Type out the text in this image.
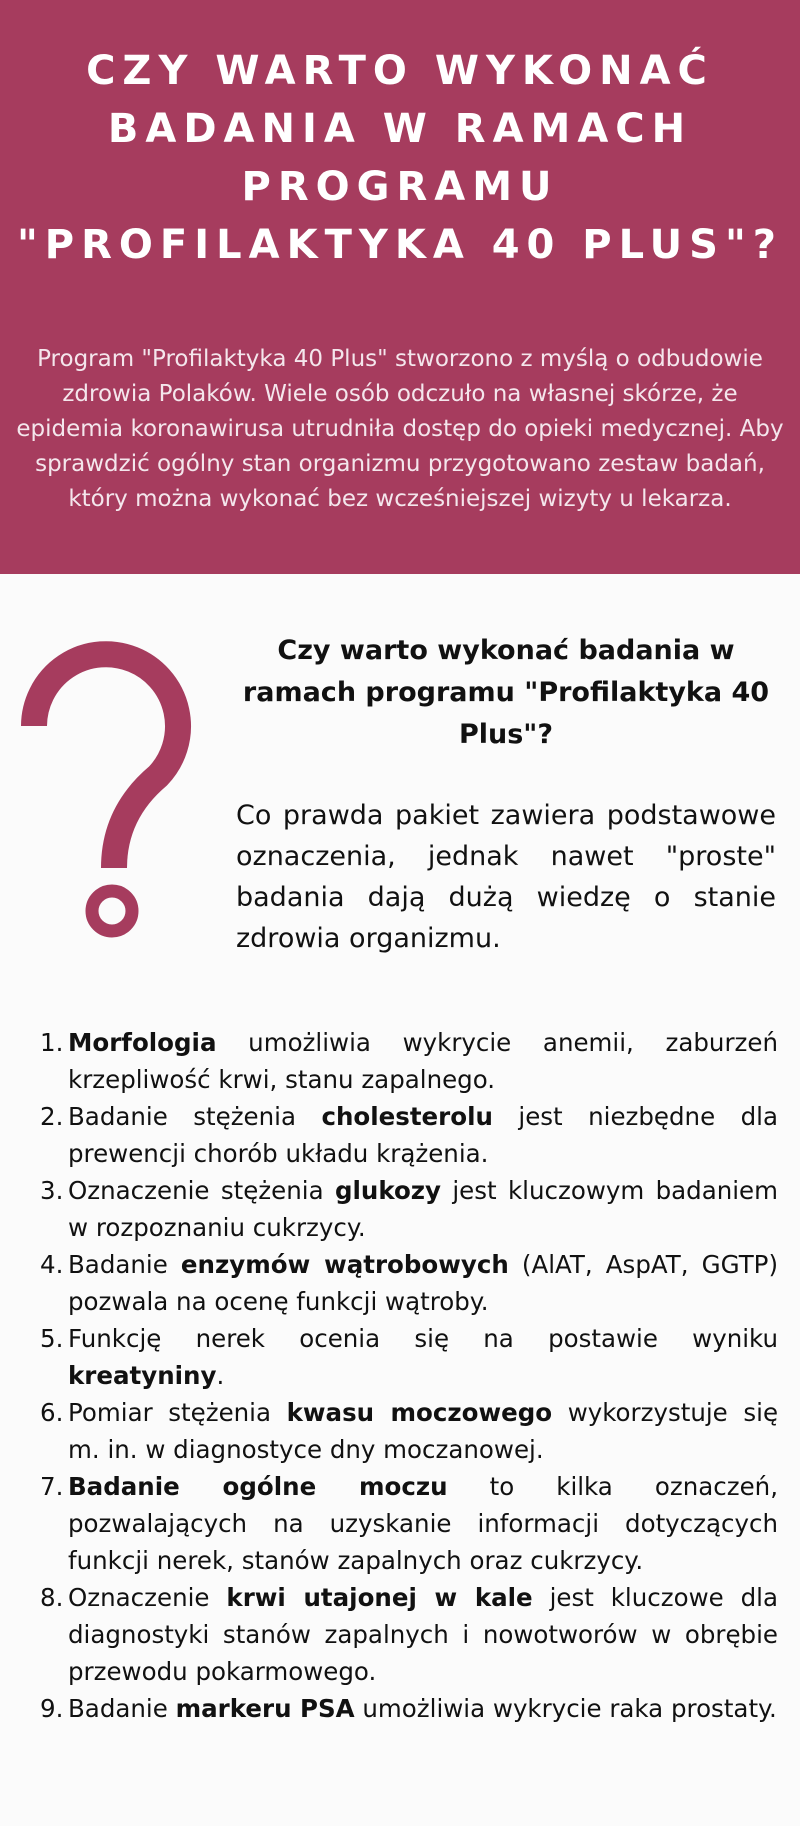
CZY WARTO WYKONAĆ
BADANIA W RAMACH
PROGRAMU
"PROFILAKTYKA 40 PLUS"?

Program "Profilaktyka 40 Plus" stworzono z myślą o odbudowie zdrowia Polaków. Wiele osób odczuło na własnej skórze, że epidemia koronawirusa utrudniła dostęp do opieki medycznej. Aby sprawdzić ogólny stan organizmu przygotowano zestaw badań, który można wykonać bez wcześniejszej wizyty u lekarza.

Czy warto wykonać badania w ramach programu "Profilaktyka 40 Plus"?

Co prawda pakiet zawiera podstawowe oznaczenia, jednak nawet "proste" badania dają dużą wiedzę o stanie zdrowia organizmu.

1. Morfologia umożliwia wykrycie anemii, zaburzeń krzepliwość krwi, stanu zapalnego.
2. Badanie stężenia cholesterolu jest niezbędne dla prewencji chorób układu krążenia.
3. Oznaczenie stężenia glukozy jest kluczowym badaniem w rozpoznaniu cukrzycy.
4. Badanie enzymów wątrobowych (AlAT, AspAT, GGTP) pozwala na ocenę funkcji wątroby.
5. Funkcję nerek ocenia się na postawie wyniku kreatyniny.
6. Pomiar stężenia kwasu moczowego wykorzystuje się m. in. w diagnostyce dny moczanowej.
7. Badanie ogólne moczu to kilka oznaczeń, pozwalających na uzyskanie informacji dotyczących funkcji nerek, stanów zapalnych oraz cukrzycy.
8. Oznaczenie krwi utajonej w kale jest kluczowe dla diagnostyki stanów zapalnych i nowotworów w obrębie przewodu pokarmowego.
9. Badanie markeru PSA umożliwia wykrycie raka prostaty.
